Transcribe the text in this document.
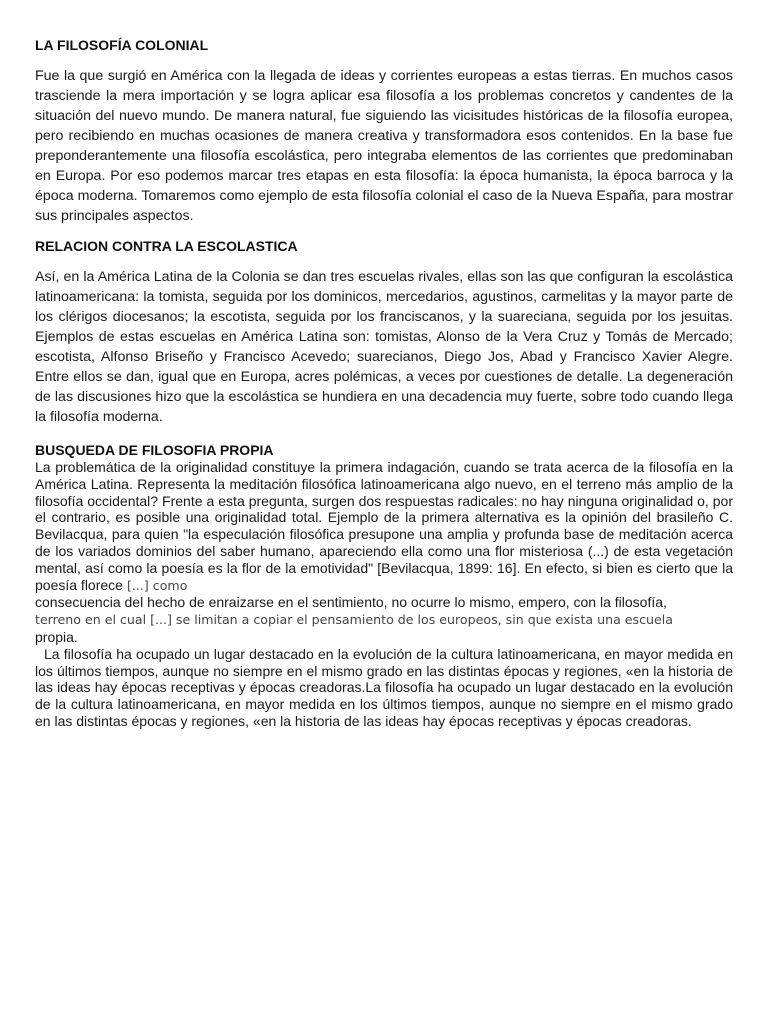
LA FILOSOFÍA COLONIAL

Fue la que surgió en América con la llegada de ideas y corrientes europeas a estas tierras. En muchos casos trasciende la mera importación y se logra aplicar esa filosofía a los problemas concretos y candentes de la situación del nuevo mundo. De manera natural, fue siguiendo las vicisitudes históricas de la filosofía europea, pero recibiendo en muchas ocasiones de manera creativa y transformadora esos contenidos. En la base fue preponderantemente una filosofía escolástica, pero integraba elementos de las corrientes que predominaban en Europa. Por eso podemos marcar tres etapas en esta filosofía: la época humanista, la época barroca y la época moderna. Tomaremos como ejemplo de esta filosofía colonial el caso de la Nueva España, para mostrar sus principales aspectos.

RELACION CONTRA LA ESCOLASTICA

Así, en la América Latina de la Colonia se dan tres escuelas rivales, ellas son las que configuran la escolástica latinoamericana: la tomista, seguida por los dominicos, mercedarios, agustinos, carmelitas y la mayor parte de los clérigos diocesanos; la escotista, seguida por los franciscanos, y la suareciana, seguida por los jesuitas. Ejemplos de estas escuelas en América Latina son: tomistas, Alonso de la Vera Cruz y Tomás de Mercado; escotista, Alfonso Briseño y Francisco Acevedo; suarecianos, Diego Jos, Abad y Francisco Xavier Alegre. Entre ellos se dan, igual que en Europa, acres polémicas, a veces por cuestiones de detalle. La degeneración de las discusiones hizo que la escolástica se hundiera en una decadencia muy fuerte, sobre todo cuando llega la filosofía moderna.

BUSQUEDA DE FILOSOFIA PROPIA

La problemática de la originalidad constituye la primera indagación, cuando se trata acerca de la filosofía en la América Latina. Representa la meditación filosófica latinoamericana algo nuevo, en el terreno más amplio de la filosofía occidental? Frente a esta pregunta, surgen dos respuestas radicales: no hay ninguna originalidad o, por el contrario, es posible una originalidad total. Ejemplo de la primera alternativa es la opinión del brasileño C. Bevilacqua, para quien "la especulación filosófica presupone una amplia y profunda base de meditación acerca de los variados dominios del saber humano, apareciendo ella como una flor misteriosa (...) de esta vegetación mental, así como la poesía es la flor de la emotividad" [Bevilacqua, 1899: 16]. En efecto, si bien es cierto que la poesía florece [...] como
consecuencia del hecho de enraizarse en el sentimiento, no ocurre lo mismo, empero, con la filosofía,
terreno en el cual [...] se limitan a copiar el pensamiento de los europeos, sin que exista una escuela
propia.

La filosofía ha ocupado un lugar destacado en la evolución de la cultura latinoamericana, en mayor medida en los últimos tiempos, aunque no siempre en el mismo grado en las distintas épocas y regiones, «en la historia de las ideas hay épocas receptivas y épocas creadoras.La filosofía ha ocupado un lugar destacado en la evolución de la cultura latinoamericana, en mayor medida en los últimos tiempos, aunque no siempre en el mismo grado en las distintas épocas y regiones, «en la historia de las ideas hay épocas receptivas y épocas creadoras.
